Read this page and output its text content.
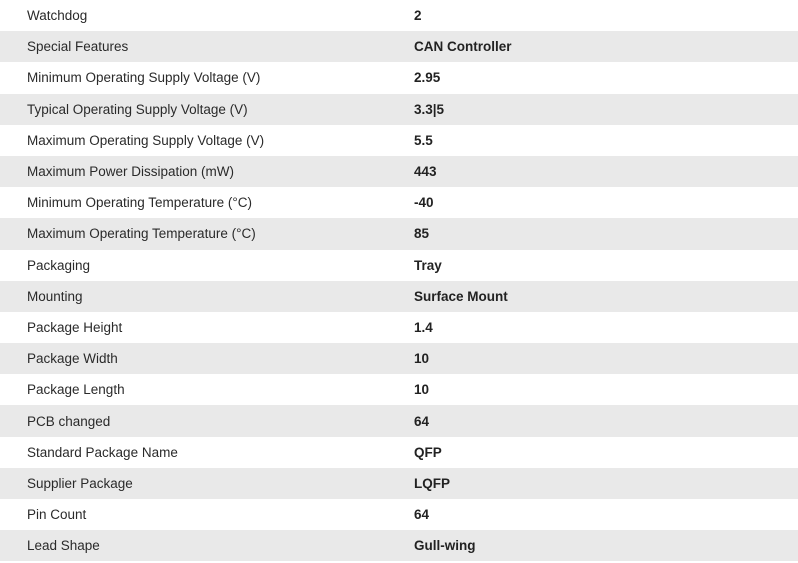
Watchdog	2
Special Features	CAN Controller
Minimum Operating Supply Voltage (V)	2.95
Typical Operating Supply Voltage (V)	3.3|5
Maximum Operating Supply Voltage (V)	5.5
Maximum Power Dissipation (mW)	443
Minimum Operating Temperature (°C)	-40
Maximum Operating Temperature (°C)	85
Packaging	Tray
Mounting	Surface Mount
Package Height	1.4
Package Width	10
Package Length	10
PCB changed	64
Standard Package Name	QFP
Supplier Package	LQFP
Pin Count	64
Lead Shape	Gull-wing
